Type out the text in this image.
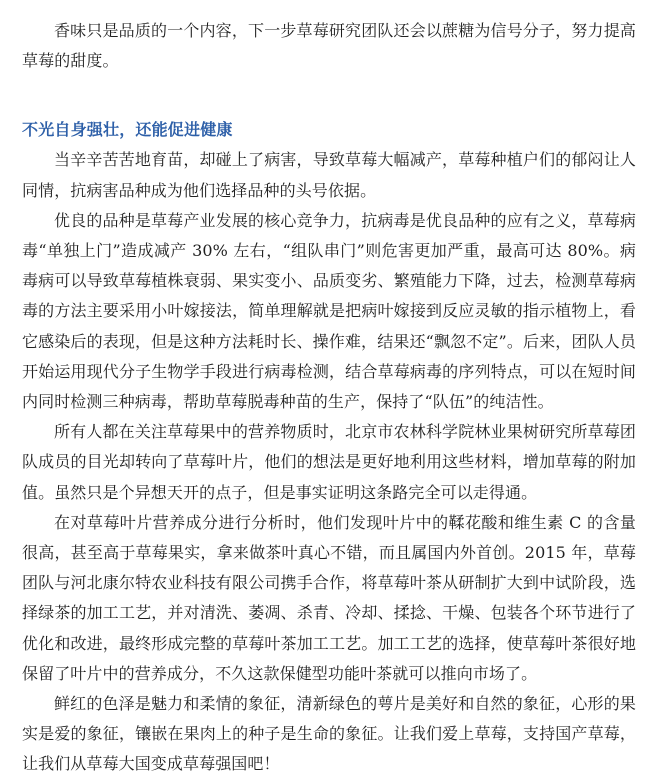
香味只是品质的一个内容，下一步草莓研究团队还会以蔗糖为信号分子，努力提高草莓的甜度。

不光自身强壮，还能促进健康

当辛辛苦苦地育苗，却碰上了病害，导致草莓大幅减产，草莓种植户们的郁闷让人同情，抗病害品种成为他们选择品种的头号依据。

优良的品种是草莓产业发展的核心竞争力，抗病毒是优良品种的应有之义，草莓病毒“单独上门”造成减产 30% 左右，“组队串门”则危害更加严重，最高可达 80%。病毒病可以导致草莓植株衰弱、果实变小、品质变劣、繁殖能力下降，过去，检测草莓病毒的方法主要采用小叶嫁接法，简单理解就是把病叶嫁接到反应灵敏的指示植物上，看它感染后的表现，但是这种方法耗时长、操作难，结果还“飘忽不定”。后来，团队人员开始运用现代分子生物学手段进行病毒检测，结合草莓病毒的序列特点，可以在短时间内同时检测三种病毒，帮助草莓脱毒种苗的生产，保持了“队伍”的纯洁性。

所有人都在关注草莓果中的营养物质时，北京市农林科学院林业果树研究所草莓团队成员的目光却转向了草莓叶片，他们的想法是更好地利用这些材料，增加草莓的附加值。虽然只是个异想天开的点子，但是事实证明这条路完全可以走得通。

在对草莓叶片营养成分进行分析时，他们发现叶片中的鞣花酸和维生素 C 的含量很高，甚至高于草莓果实，拿来做茶叶真心不错，而且属国内外首创。2015 年，草莓团队与河北康尔特农业科技有限公司携手合作，将草莓叶茶从研制扩大到中试阶段，选择绿茶的加工工艺，并对清洗、萎凋、杀青、冷却、揉捻、干燥、包装各个环节进行了优化和改进，最终形成完整的草莓叶茶加工工艺。加工工艺的选择，使草莓叶茶很好地保留了叶片中的营养成分，不久这款保健型功能叶茶就可以推向市场了。

鲜红的色泽是魅力和柔情的象征，清新绿色的萼片是美好和自然的象征，心形的果实是爱的象征，镶嵌在果肉上的种子是生命的象征。让我们爱上草莓，支持国产草莓，让我们从草莓大国变成草莓强国吧！
